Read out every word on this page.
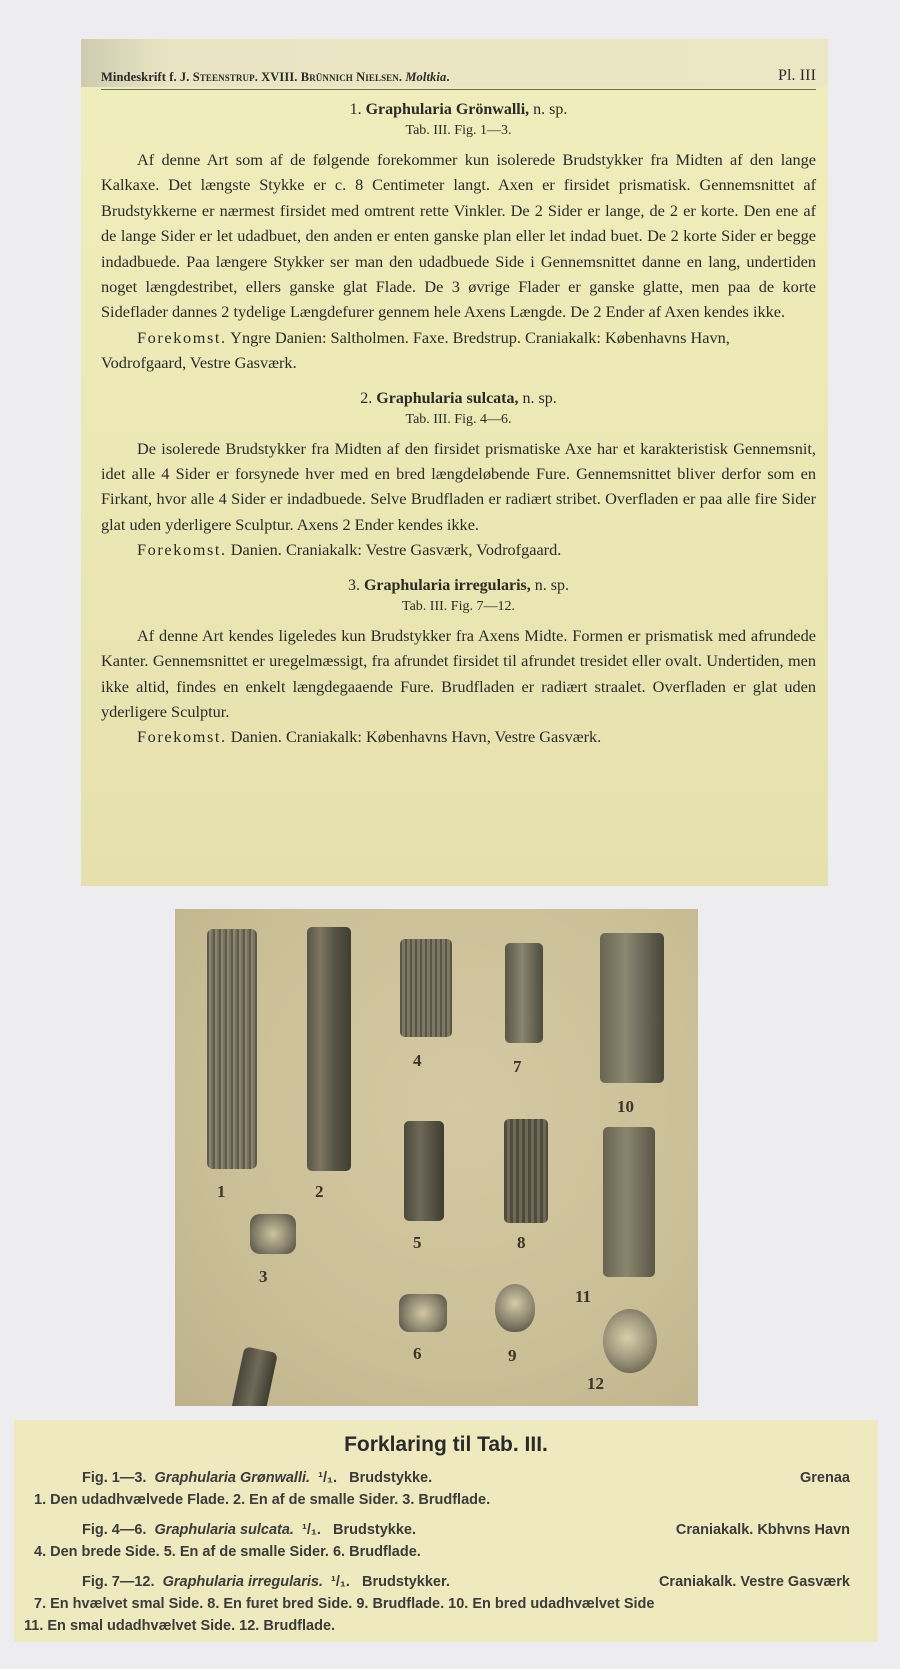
Mindeskrift f. J. Steenstrup. XVIII. Brünnich Nielsen. Moltkia.	Pl. III

1. Graphularia Grönwalli, n. sp.

Tab. III. Fig. 1—3.

Af denne Art som af de følgende forekommer kun isolerede Brudstykker fra Midten af den lange Kalkaxe. Det længste Stykke er c. 8 Centimeter langt. Axen er firsidet prismatisk. Gennemsnittet af Brudstykkerne er nærmest firsidet med omtrent rette Vinkler. De 2 Sider er lange, de 2 er korte. Den ene af de lange Sider er let udadbuet, den anden er enten ganske plan eller let indad buet. De 2 korte Sider er begge indadbuede. Paa længere Stykker ser man den udadbuede Side i Gennemsnittet danne en lang, undertiden noget længdestribet, ellers ganske glat Flade. De 3 øvrige Flader er ganske glatte, men paa de korte Sideflader dannes 2 tydelige Længdefurer gennem hele Axens Længde. De 2 Ender af Axen kendes ikke.

Forekomst. Yngre Danien: Saltholmen. Faxe. Bredstrup. Craniakalk: Københavns Havn, Vodrofgaard, Vestre Gasværk.

2. Graphularia sulcata, n. sp.

Tab. III. Fig. 4—6.

De isolerede Brudstykker fra Midten af den firsidet prismatiske Axe har et karakteristisk Gennemsnit, idet alle 4 Sider er forsynede hver med en bred længdeløbende Fure. Gennemsnittet bliver derfor som en Firkant, hvor alle 4 Sider er indadbuede. Selve Brudfladen er radiært stribet. Overfladen er paa alle fire Sider glat uden yderligere Sculptur. Axens 2 Ender kendes ikke.

Forekomst. Danien. Craniakalk: Vestre Gasværk, Vodrofgaard.

3. Graphularia irregularis, n. sp.

Tab. III. Fig. 7—12.

Af denne Art kendes ligeledes kun Brudstykker fra Axens Midte. Formen er prismatisk med afrundede Kanter. Gennemsnittet er uregelmæssigt, fra afrundet firsidet til afrundet tresidet eller ovalt. Undertiden, men ikke altid, findes en enkelt længdegaaende Fure. Brudfladen er radiært straalet. Overfladen er glat uden yderligere Sculptur.

Forekomst. Danien. Craniakalk: Københavns Havn, Vestre Gasværk.

1	2
3
4
5
6
7
8
9
10
11
12
Forklaring til Tab. III.
Fig. 1—3. Graphularia Grønwalli. ¹/₁. Brudstykke.	Grenaa
1. Den udadhvælvede Flade. 2. En af de smalle Sider. 3. Brudflade.
Fig. 4—6. Graphularia sulcata. ¹/₁. Brudstykke.	Craniakalk. Kbhvns Havn
4. Den brede Side. 5. En af de smalle Sider. 6. Brudflade.
Fig. 7—12. Graphularia irregularis. ¹/₁. Brudstykker.	Craniakalk. Vestre Gasværk
7. En hvælvet smal Side. 8. En furet bred Side. 9. Brudflade. 10. En bred udadhvælvet Side
11. En smal udadhvælvet Side. 12. Brudflade.
